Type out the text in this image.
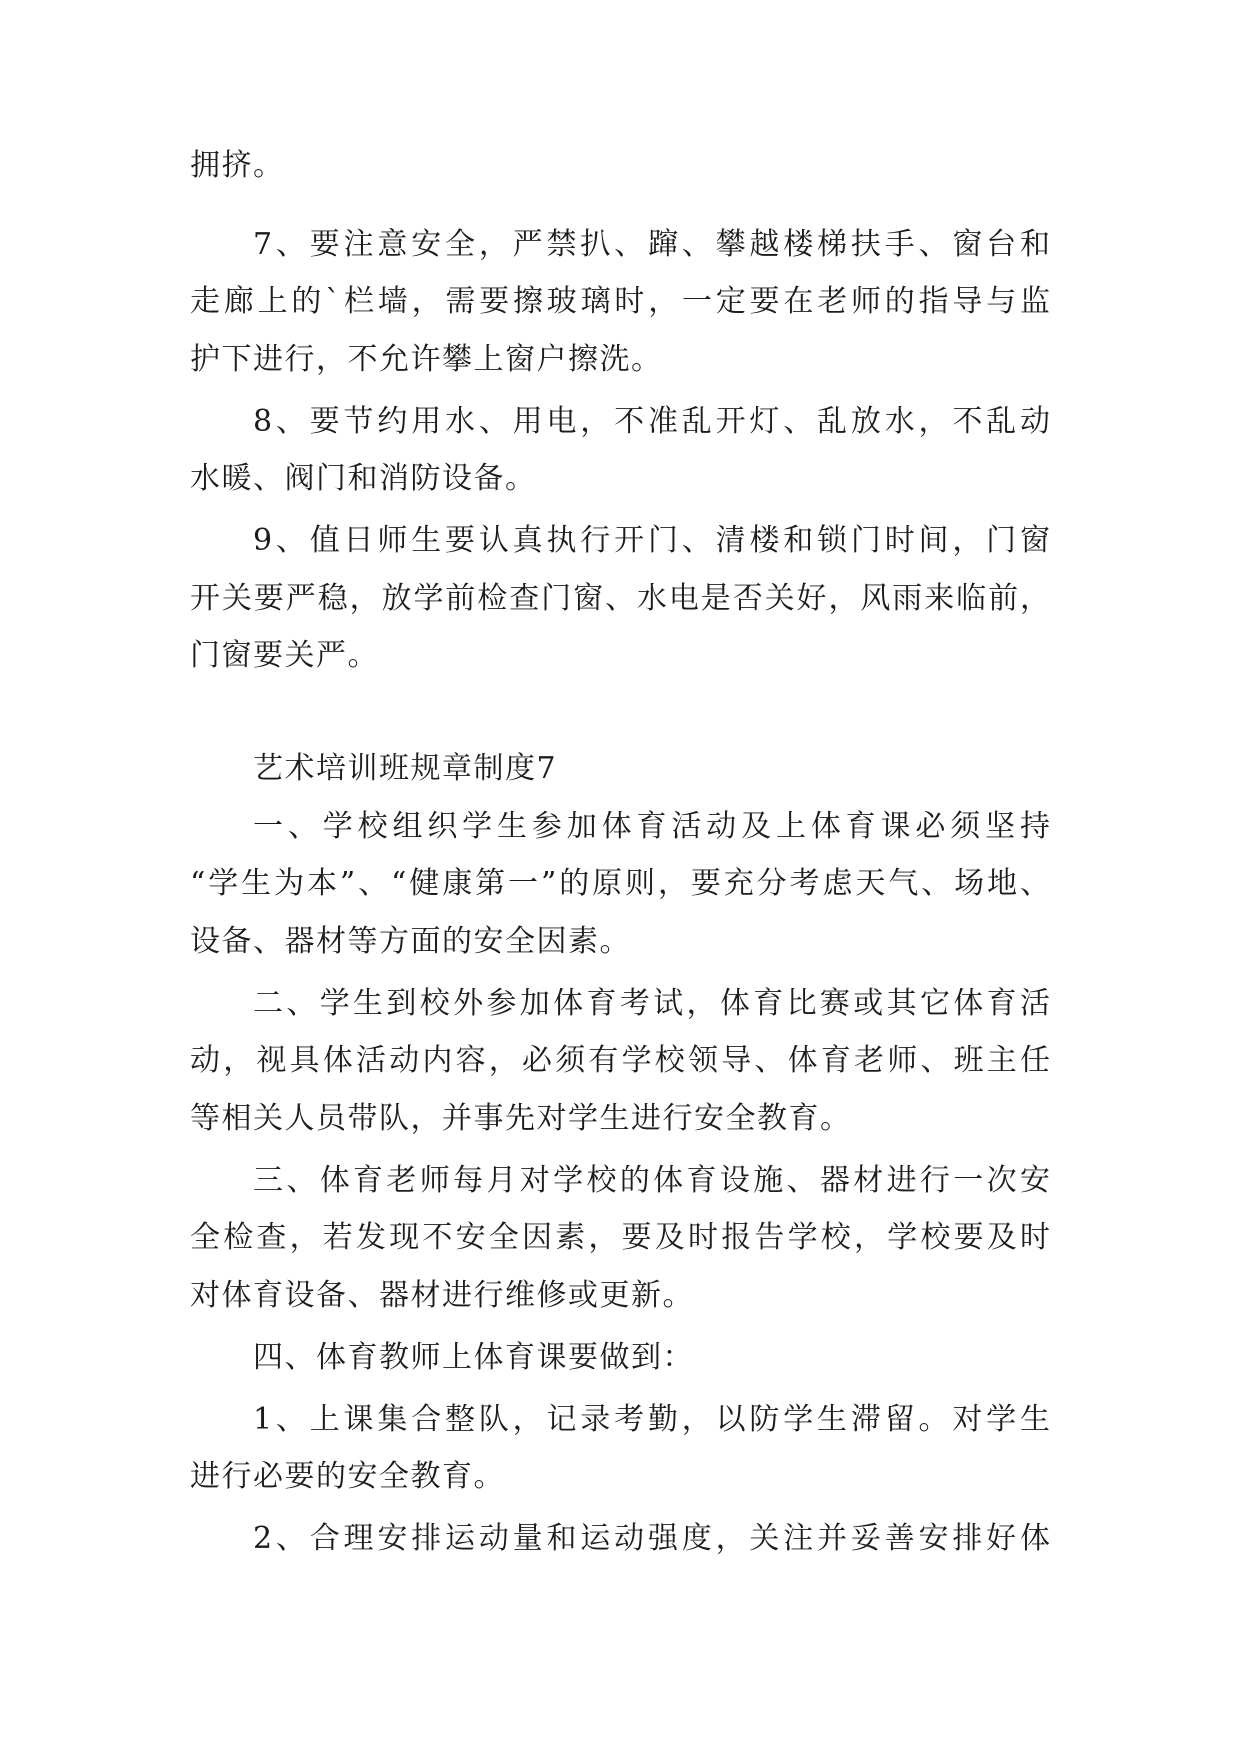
拥挤。
7、要注意安全，严禁扒、蹿、攀越楼梯扶手、窗台和
走廊上的`栏墙，需要擦玻璃时，一定要在老师的指导与监
护下进行，不允许攀上窗户擦洗。
8、要节约用水、用电，不准乱开灯、乱放水，不乱动
水暖、阀门和消防设备。
9、值日师生要认真执行开门、清楼和锁门时间，门窗
开关要严稳，放学前检查门窗、水电是否关好，风雨来临前，
门窗要关严。
艺术培训班规章制度7
一、学校组织学生参加体育活动及上体育课必须坚持
“学生为本”、“健康第一”的原则，要充分考虑天气、场地、
设备、器材等方面的安全因素。
二、学生到校外参加体育考试，体育比赛或其它体育活
动，视具体活动内容，必须有学校领导、体育老师、班主任
等相关人员带队，并事先对学生进行安全教育。
三、体育老师每月对学校的体育设施、器材进行一次安
全检查，若发现不安全因素，要及时报告学校，学校要及时
对体育设备、器材进行维修或更新。
四、体育教师上体育课要做到：
1、上课集合整队，记录考勤，以防学生滞留。对学生
进行必要的安全教育。
2、合理安排运动量和运动强度，关注并妥善安排好体
